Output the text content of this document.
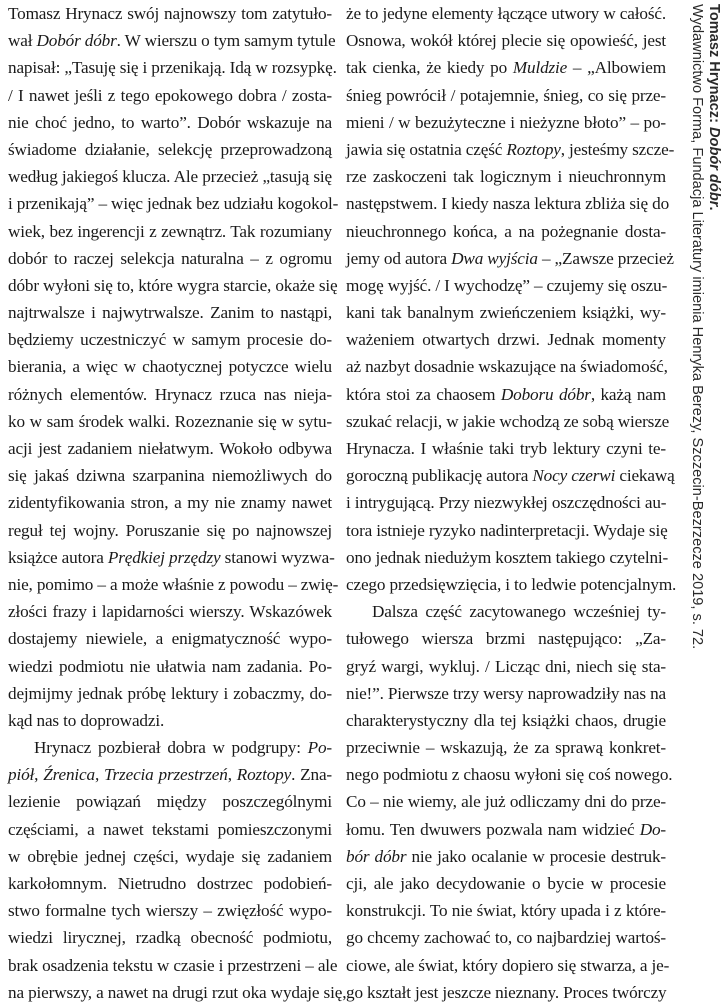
Tomasz Hrynacz swój najnowszy tom zatytuło-
wał Dobór dóbr. W wierszu o tym samym tytule
napisał: „Tasuję się i przenikają. Idą w rozsypkę.
/ I nawet jeśli z tego epokowego dobra / zosta-
nie choć jedno, to warto”. Dobór wskazuje na
świadome działanie, selekcję przeprowadzoną
według jakiegoś klucza. Ale przecież „tasują się
i przenikają” – więc jednak bez udziału kogokol-
wiek, bez ingerencji z zewnątrz. Tak rozumiany
dobór to raczej selekcja naturalna – z ogromu
dóbr wyłoni się to, które wygra starcie, okaże się
najtrwalsze i najwytrwalsze. Zanim to nastąpi,
będziemy uczestniczyć w samym procesie do-
bierania, a więc w chaotycznej potyczce wielu
różnych elementów. Hrynacz rzuca nas nieja-
ko w sam środek walki. Rozeznanie się w sytu-
acji jest zadaniem niełatwym. Wokoło odbywa
się jakaś dziwna szarpanina niemożliwych do
zidentyfikowania stron, a my nie znamy nawet
reguł tej wojny. Poruszanie się po najnowszej
książce autora Prędkiej przędzy stanowi wyzwa-
nie, pomimo – a może właśnie z powodu – zwię-
złości frazy i lapidarności wierszy. Wskazówek
dostajemy niewiele, a enigmatyczność wypo-
wiedzi podmiotu nie ułatwia nam zadania. Po-
dejmijmy jednak próbę lektury i zobaczmy, do-
kąd nas to doprowadzi.
Hrynacz pozbierał dobra w podgrupy: Po-
piół, Źrenica, Trzecia przestrzeń, Roztopy. Zna-
lezienie powiązań między poszczególnymi
częściami, a nawet tekstami pomieszczonymi
w obrębie jednej części, wydaje się zadaniem
karkołomnym. Nietrudno dostrzec podobień-
stwo formalne tych wierszy – zwięzłość wypo-
wiedzi lirycznej, rzadką obecność podmiotu,
brak osadzenia tekstu w czasie i przestrzeni – ale
na pierwszy, a nawet na drugi rzut oka wydaje się,
że to jedyne elementy łączące utwory w całość.
Osnowa, wokół której plecie się opowieść, jest
tak cienka, że kiedy po Muldzie – „Albowiem
śnieg powrócił / potajemnie, śnieg, co się prze-
mieni / w bezużyteczne i nieżyzne błoto” – po-
jawia się ostatnia część Roztopy, jesteśmy szcze-
rze zaskoczeni tak logicznym i nieuchronnym
następstwem. I kiedy nasza lektura zbliża się do
nieuchronnego końca, a na pożegnanie dosta-
jemy od autora Dwa wyjścia – „Zawsze przecież
mogę wyjść. / I wychodzę” – czujemy się oszu-
kani tak banalnym zwieńczeniem książki, wy-
ważeniem otwartych drzwi. Jednak momenty
aż nazbyt dosadnie wskazujące na świadomość,
która stoi za chaosem Doboru dóbr, każą nam
szukać relacji, w jakie wchodzą ze sobą wiersze
Hrynacza. I właśnie taki tryb lektury czyni te-
goroczną publikację autora Nocy czerwi ciekawą
i intrygującą. Przy niezwykłej oszczędności au-
tora istnieje ryzyko nadinterpretacji. Wydaje się
ono jednak niedużym kosztem takiego czytelni-
czego przedsięwzięcia, i to ledwie potencjalnym.
Dalsza część zacytowanego wcześniej ty-
tułowego wiersza brzmi następująco: „Za-
gryź wargi, wykluj. / Licząc dni, niech się sta-
nie!”. Pierwsze trzy wersy naprowadziły nas na
charakterystyczny dla tej książki chaos, drugie
przeciwnie – wskazują, że za sprawą konkret-
nego podmiotu z chaosu wyłoni się coś nowego.
Co – nie wiemy, ale już odliczamy dni do prze-
łomu. Ten dwuwers pozwala nam widzieć Do-
bór dóbr nie jako ocalanie w procesie destruk-
cji, ale jako decydowanie o bycie w procesie
konstrukcji. To nie świat, który upada i z które-
go chcemy zachować to, co najbardziej wartoś-
ciowe, ale świat, który dopiero się stwarza, a je-
go kształt jest jeszcze nieznany. Proces twórczy
Tomasz Hrynacz: Dobór dóbr.
Wydawnictwo Forma, Fundacja Literatury imienia Henryka Berezy, Szczecin-Bezrzecze 2019, s. 72.
